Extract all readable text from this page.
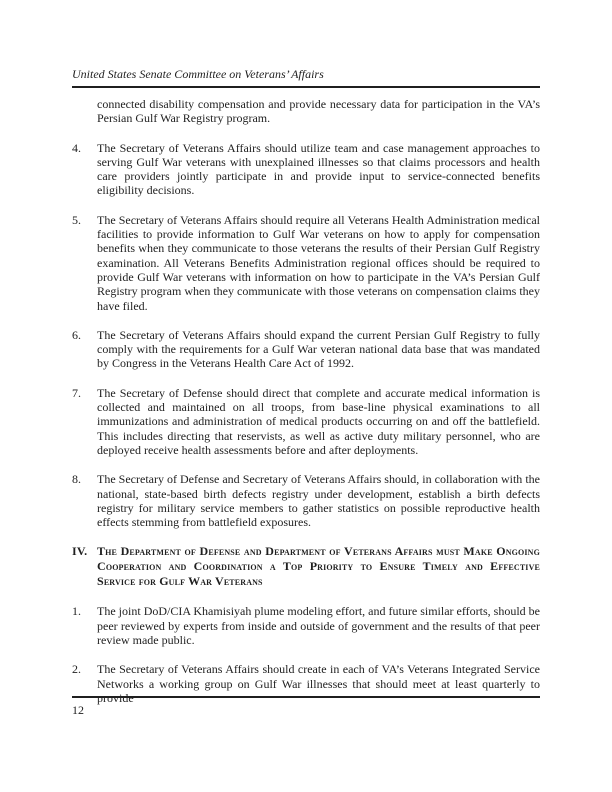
United States Senate Committee on Veterans’ Affairs

connected disability compensation and provide necessary data for participation in the VA’s Persian Gulf War Registry program.

4.	The Secretary of Veterans Affairs should utilize team and case management approaches to serving Gulf War veterans with unexplained illnesses so that claims processors and health care providers jointly participate in and provide input to service-connected benefits eligibility decisions.
5.	The Secretary of Veterans Affairs should require all Veterans Health Administration medical facilities to provide information to Gulf War veterans on how to apply for compensation benefits when they communicate to those veterans the results of their Persian Gulf Registry examination. All Veterans Benefits Administration regional offices should be required to provide Gulf War veterans with information on how to participate in the VA’s Persian Gulf Registry program when they communicate with those veterans on compensation claims they have filed.
6.	The Secretary of Veterans Affairs should expand the current Persian Gulf Registry to fully comply with the requirements for a Gulf War veteran national data base that was mandated by Congress in the Veterans Health Care Act of 1992.
7.	The Secretary of Defense should direct that complete and accurate medical information is collected and maintained on all troops, from base-line physical examinations to all immunizations and administration of medical products occurring on and off the battlefield. This includes directing that reservists, as well as active duty military personnel, who are deployed receive health assessments before and after deployments.
8.	The Secretary of Defense and Secretary of Veterans Affairs should, in collaboration with the national, state-based birth defects registry under development, establish a birth defects registry for military service members to gather statistics on possible reproductive health effects stemming from battlefield exposures.
IV. The Department of Defense and Department of Veterans Affairs must Make Ongoing Cooperation and Coordination a Top Priority to Ensure Timely and Effective Service for Gulf War Veterans
1.	The joint DoD/CIA Khamisiyah plume modeling effort, and future similar efforts, should be peer reviewed by experts from inside and outside of government and the results of that peer review made public.
2.	The Secretary of Veterans Affairs should create in each of VA’s Veterans Integrated Service Networks a working group on Gulf War illnesses that should meet at least quarterly to provide
12
